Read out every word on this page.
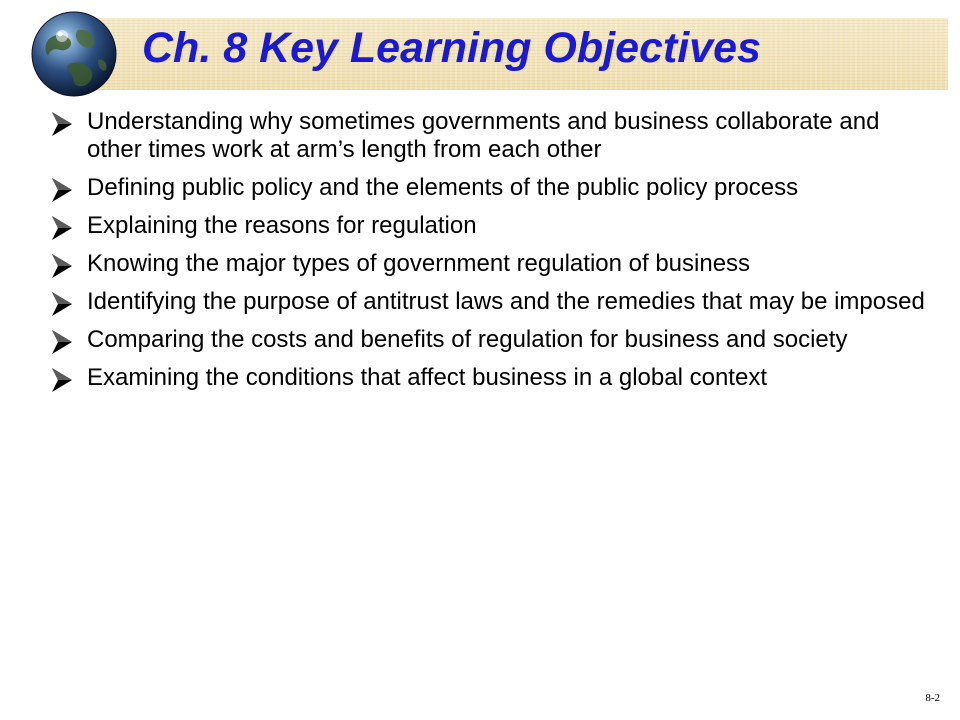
Ch. 8 Key Learning Objectives
Understanding why sometimes governments and business collaborate and other times work at arm’s length from each other
Defining public policy and the elements of the public policy process
Explaining the reasons for regulation
Knowing the major types of government regulation of business
Identifying the purpose of antitrust laws and the remedies that may be imposed
Comparing the costs and benefits of regulation for business and society
Examining the conditions that affect business in a global context
8-2
